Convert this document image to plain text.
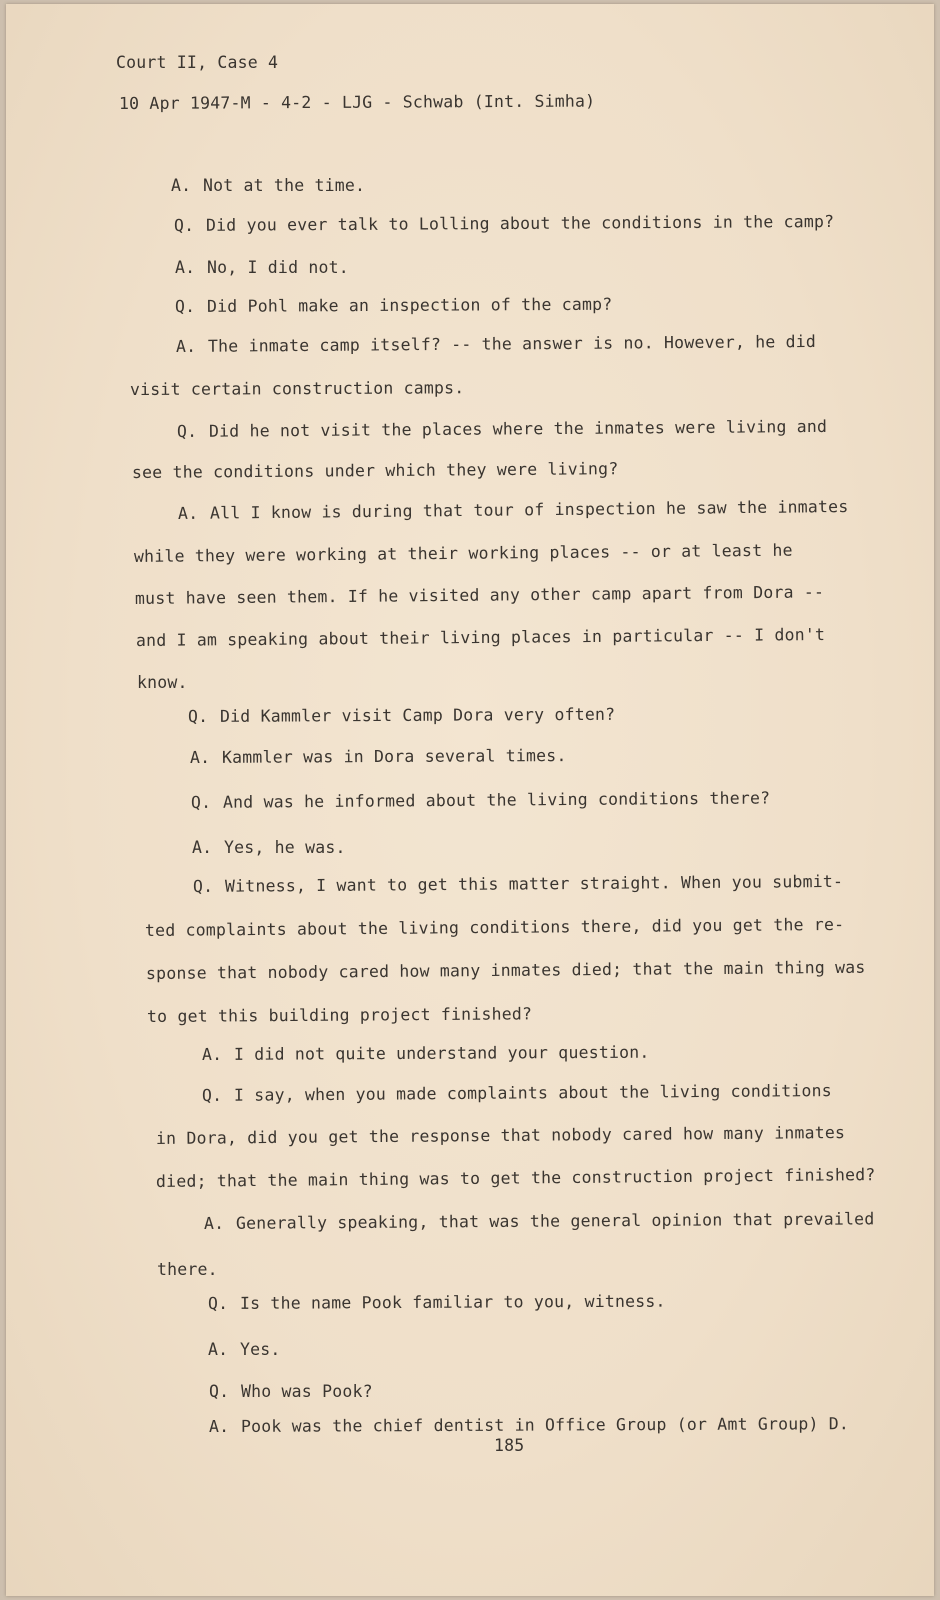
Court II, Case 4
10 Apr 1947-M - 4-2 - LJG - Schwab (Int. Simha)
A. Not at the time.
Q. Did you ever talk to Lolling about the conditions in the camp?
A. No, I did not.
Q. Did Pohl make an inspection of the camp?
A. The inmate camp itself? -- the answer is no. However, he did
visit certain construction camps.
Q. Did he not visit the places where the inmates were living and
see the conditions under which they were living?
A. All I know is during that tour of inspection he saw the inmates
while they were working at their working places -- or at least he
must have seen them. If he visited any other camp apart from Dora --
and I am speaking about their living places in particular -- I don't
know.
Q. Did Kammler visit Camp Dora very often?
A. Kammler was in Dora several times.
Q. And was he informed about the living conditions there?
A. Yes, he was.
Q. Witness, I want to get this matter straight. When you submit-
ted complaints about the living conditions there, did you get the re-
sponse that nobody cared how many inmates died; that the main thing was
to get this building project finished?
A. I did not quite understand your question.
Q. I say, when you made complaints about the living conditions
in Dora, did you get the response that nobody cared how many inmates
died; that the main thing was to get the construction project finished?
A. Generally speaking, that was the general opinion that prevailed
there.
Q. Is the name Pook familiar to you, witness.
A. Yes.
Q. Who was Pook?
A. Pook was the chief dentist in Office Group (or Amt Group) D.
185
